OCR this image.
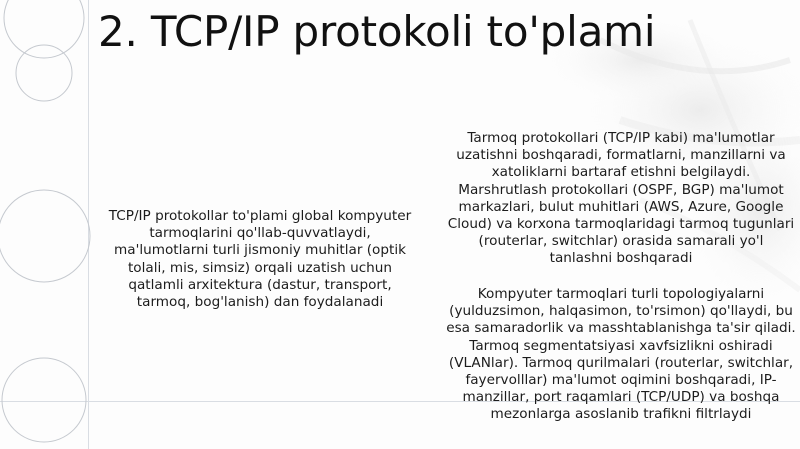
2. TCP/IP protokoli to'plami
TCP/IP protokollar to'plami global kompyuter tarmoqlarini qo'llab-quvvatlaydi, ma'lumotlarni turli jismoniy muhitlar (optik tolali, mis, simsiz) orqali uzatish uchun qatlamli arxitektura (dastur, transport, tarmoq, bog'lanish) dan foydalanadi
Tarmoq protokollari (TCP/IP kabi) ma'lumotlar uzatishni boshqaradi, formatlarni, manzillarni va xatoliklarni bartaraf etishni belgilaydi. Marshrutlash protokollari (OSPF, BGP) ma'lumot markazlari, bulut muhitlari (AWS, Azure, Google Cloud) va korxona tarmoqlaridagi tarmoq tugunlari (routerlar, switchlar) orasida samarali yo'l tanlashni boshqaradi
Kompyuter tarmoqlari turli topologiyalarni (yulduzsimon, halqasimon, to'rsimon) qo'llaydi, bu esa samaradorlik va masshtablanishga ta'sir qiladi. Tarmoq segmentatsiyasi xavfsizlikni oshiradi (VLANlar). Tarmoq qurilmalari (routerlar, switchlar, fayervolllar) ma'lumot oqimini boshqaradi, IP-manzillar, port raqamlari (TCP/UDP) va boshqa mezonlarga asoslanib trafikni filtrlaydi
